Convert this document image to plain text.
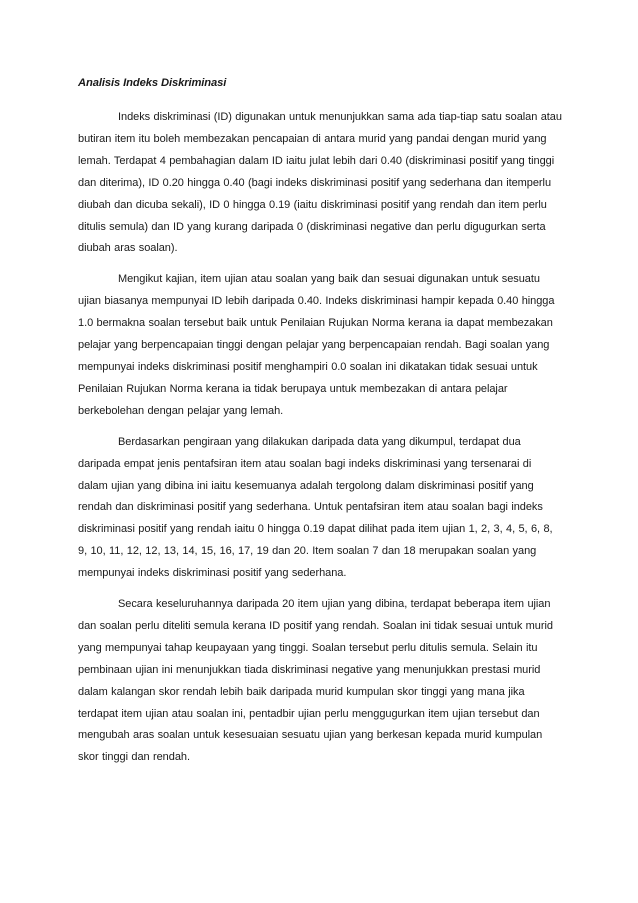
Analisis Indeks Diskriminasi

Indeks diskriminasi (ID) digunakan untuk menunjukkan sama ada tiap-tiap satu soalan atau butiran item itu boleh membezakan pencapaian di antara murid yang pandai dengan murid yang lemah. Terdapat 4 pembahagian dalam ID iaitu julat lebih dari 0.40 (diskriminasi positif yang tinggi dan diterima), ID 0.20 hingga 0.40 (bagi indeks diskriminasi positif yang sederhana dan itemperlu diubah dan dicuba sekali), ID 0 hingga 0.19 (iaitu diskriminasi positif yang rendah dan item perlu ditulis semula) dan ID yang kurang daripada 0 (diskriminasi negative dan perlu digugurkan serta diubah aras soalan).

Mengikut kajian, item ujian atau soalan yang baik dan sesuai digunakan untuk sesuatu ujian biasanya mempunyai ID lebih daripada 0.40. Indeks diskriminasi hampir kepada 0.40 hingga 1.0 bermakna soalan tersebut baik untuk Penilaian Rujukan Norma kerana ia dapat membezakan pelajar yang berpencapaian tinggi dengan pelajar yang berpencapaian rendah. Bagi soalan yang mempunyai indeks diskriminasi positif menghampiri 0.0 soalan ini dikatakan tidak sesuai untuk Penilaian Rujukan Norma kerana ia tidak berupaya untuk membezakan di antara pelajar berkebolehan dengan pelajar yang lemah.

Berdasarkan pengiraan yang dilakukan daripada data yang dikumpul, terdapat dua daripada empat jenis pentafsiran item atau soalan bagi indeks diskriminasi yang tersenarai di dalam ujian yang dibina ini iaitu kesemuanya adalah tergolong dalam diskriminasi positif yang rendah dan diskriminasi positif yang sederhana. Untuk pentafsiran item atau soalan bagi indeks diskriminasi positif yang rendah iaitu 0 hingga 0.19 dapat dilihat pada item ujian 1, 2, 3, 4, 5, 6, 8, 9, 10, 11, 12, 12, 13, 14, 15, 16, 17, 19 dan 20. Item soalan 7 dan 18 merupakan soalan yang mempunyai indeks diskriminasi positif yang sederhana.

Secara keseluruhannya daripada 20 item ujian yang dibina, terdapat beberapa item ujian dan soalan perlu diteliti semula kerana ID positif yang rendah. Soalan ini tidak sesuai untuk murid yang mempunyai tahap keupayaan yang tinggi. Soalan tersebut perlu ditulis semula. Selain itu pembinaan ujian ini menunjukkan tiada diskriminasi negative yang menunjukkan prestasi murid dalam kalangan skor rendah lebih baik daripada murid kumpulan skor tinggi yang mana jika terdapat item ujian atau soalan ini, pentadbir ujian perlu menggugurkan item ujian tersebut dan mengubah aras soalan untuk kesesuaian sesuatu ujian yang berkesan kepada murid kumpulan skor tinggi dan rendah.
